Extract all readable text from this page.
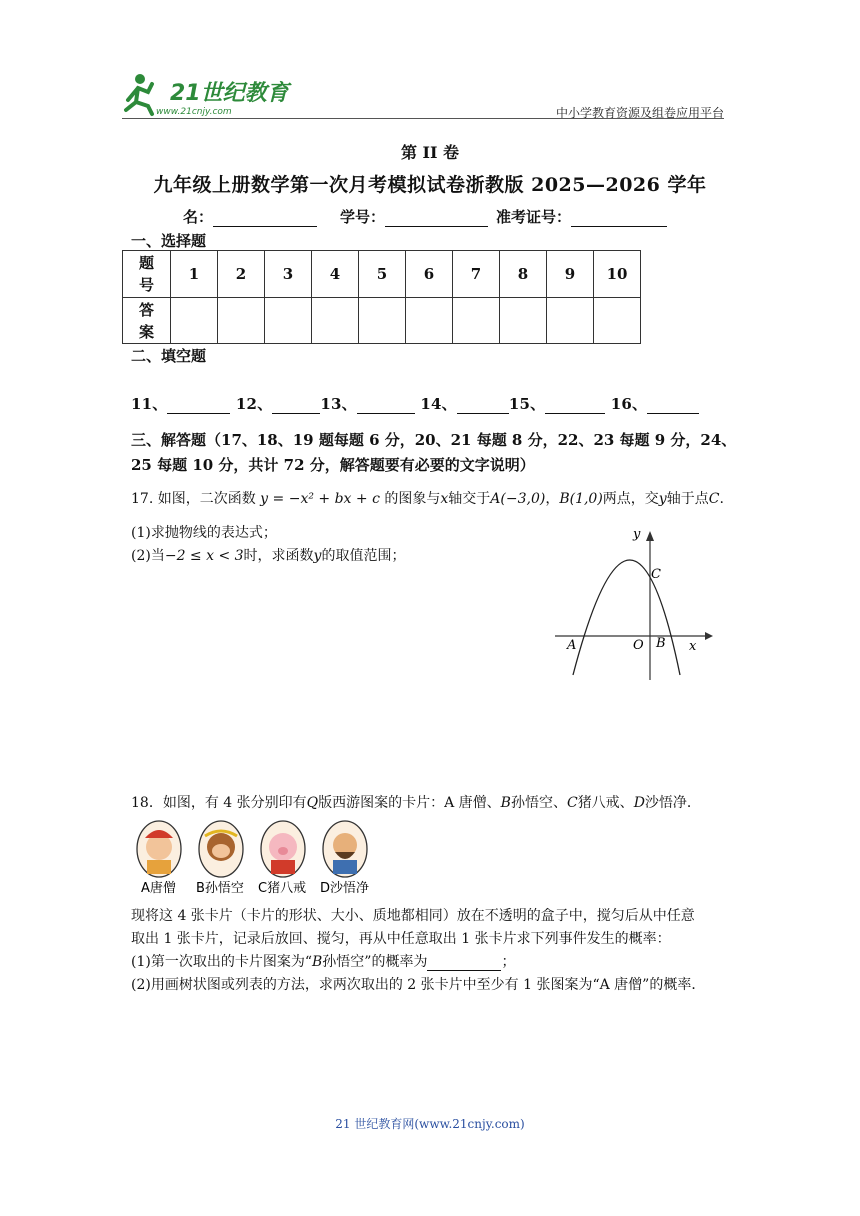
21世纪教育
www.21cnjy.com	中小学教育资源及组卷应用平台
第 II 卷
九年级上册数学第一次月考模拟试卷浙教版 2025—2026 学年
名：	学号：	准考证号：
一、选择题
题
号	1	2	3	4	5	6	7	8	9	10

答
案										

二、填空题
11、	12、	13、	14、	15、	16、
三、解答题（17、18、19 题每题 6 分，20、21 每题 8 分，22、23 每题 9 分，24、
25 每题 10 分，共计 72 分，解答题要有必要的文字说明）
17. 如图，二次函数 y = −x² + bx + c 的图象与x轴交于A(−3,0)，B(1,0)两点，交y轴于点C.
(1)求抛物线的表达式；
(2)当−2 ≤ x < 3时，求函数y的取值范围；
y
x
A	O B
C
18．如图，有 4 张分别印有Q版西游图案的卡片：A 唐僧、B孙悟空、C猪八戒、D沙悟净．
A唐僧 B孙悟空 C猪八戒 D沙悟净
现将这 4 张卡片（卡片的形状、大小、质地都相同）放在不透明的盒子中，搅匀后从中任意
取出 1 张卡片，记录后放回、搅匀，再从中任意取出 1 张卡片求下列事件发生的概率：
(1)第一次取出的卡片图案为“B孙悟空”的概率为	；
(2)用画树状图或列表的方法，求两次取出的 2 张卡片中至少有 1 张图案为“A 唐僧”的概率．
21 世纪教育网(www.21cnjy.com)
